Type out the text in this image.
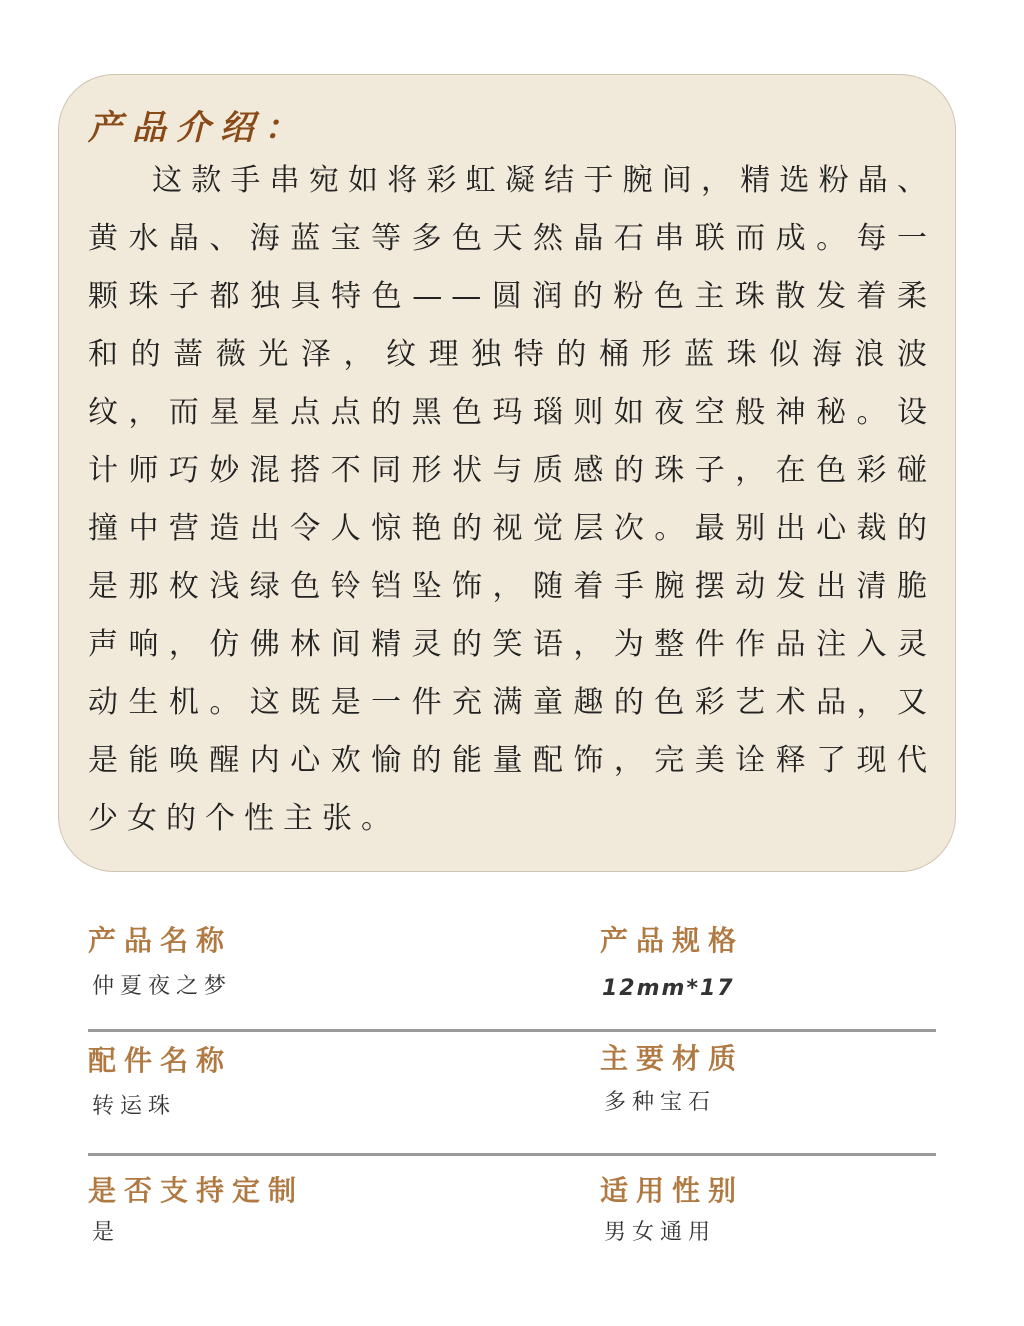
产品介绍：

这款手串宛如将彩虹凝结于腕间，精选粉晶、黄水晶、海蓝宝等多色天然晶石串联而成。每一颗珠子都独具特色——圆润的粉色主珠散发着柔和的蔷薇光泽，纹理独特的桶形蓝珠似海浪波纹，而星星点点的黑色玛瑙则如夜空般神秘。设计师巧妙混搭不同形状与质感的珠子，在色彩碰撞中营造出令人惊艳的视觉层次。最别出心裁的是那枚浅绿色铃铛坠饰，随着手腕摆动发出清脆声响，仿佛林间精灵的笑语，为整件作品注入灵动生机。这既是一件充满童趣的色彩艺术品，又是能唤醒内心欢愉的能量配饰，完美诠释了现代少女的个性主张。

产品名称
仲夏夜之梦
产品规格
12mm*17
配件名称
转运珠
主要材质
多种宝石
是否支持定制
是
适用性别
男女通用
